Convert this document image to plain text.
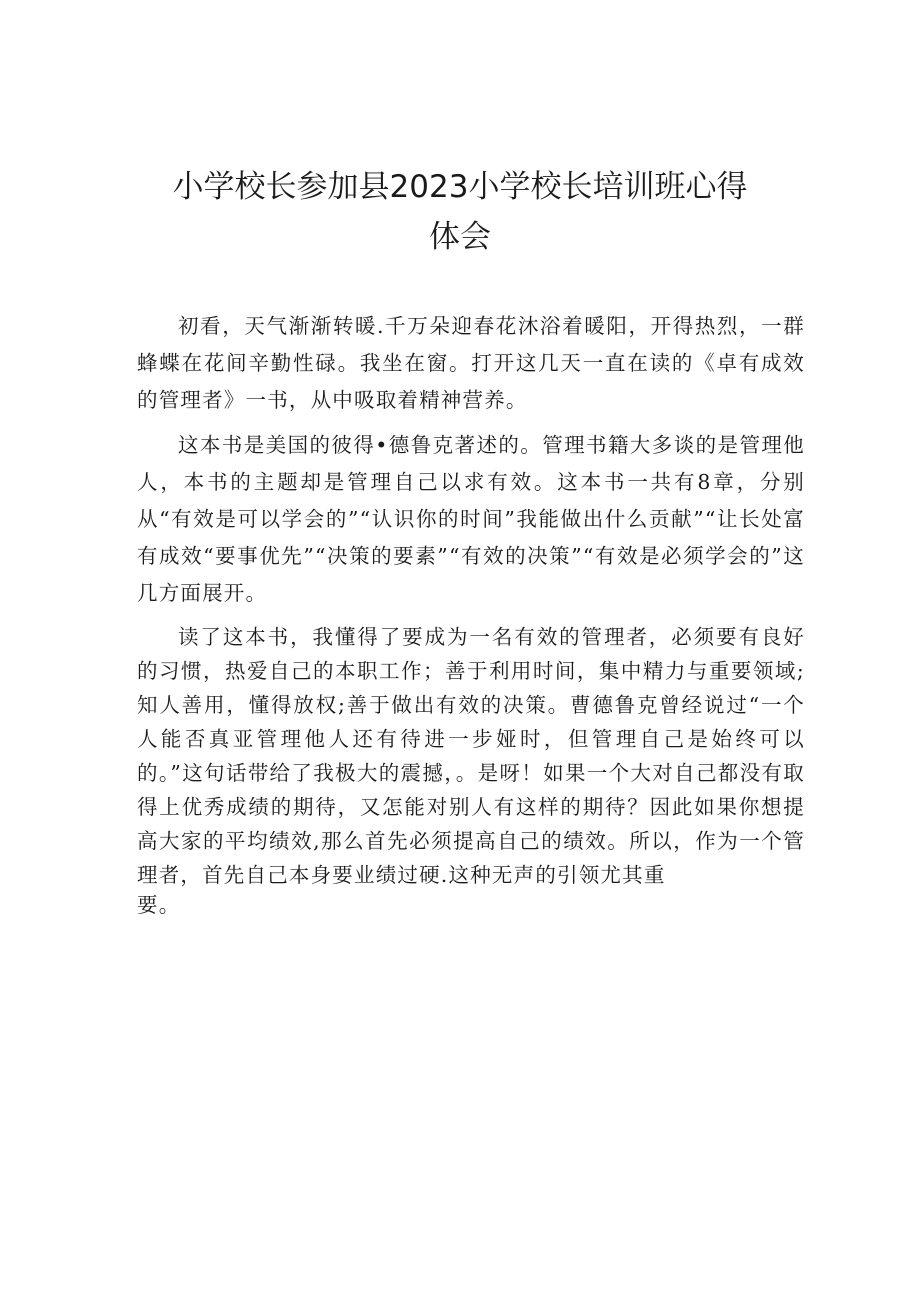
小学校长参加县2023小学校长培训班心得
体会

初看，天气渐渐转暖.千万朵迎春花沐浴着暖阳，开得热烈，一群蜂蝶在花间辛勤性碌。我坐在窗。打开这几天一直在读的《卓有成效的管理者》一书，从中吸取着精神营养。

这本书是美国的彼得•德鲁克著述的。管理书籍大多谈的是管理他人，本书的主题却是管理自己以求有效。这本书一共有8章，分别从“有效是可以学会的”“认识你的时间”我能做出什么贡献”“让长处富有成效“要事优先”“决策的要素”“有效的决策”“有效是必须学会的”这几方面展开。

读了这本书，我懂得了要成为一名有效的管理者，必须要有良好的习惯，热爱自己的本职工作；善于利用时间，集中精力与重要领域;知人善用，懂得放权;善于做出有效的决策。曹德鲁克曾经说过“一个人能否真亚管理他人还有待进一步娅时，但管理自己是始终可以的。”这句话带给了我极大的震撼，。是呀！如果一个大对自己都没有取得上优秀成绩的期待，又怎能对别人有这样的期待？因此如果你想提高大家的平均绩效,那么首先必须提高自己的绩效。所以，作为一个管理者，首先自己本身要业绩过硬.这种无声的引领尤其重
要。
